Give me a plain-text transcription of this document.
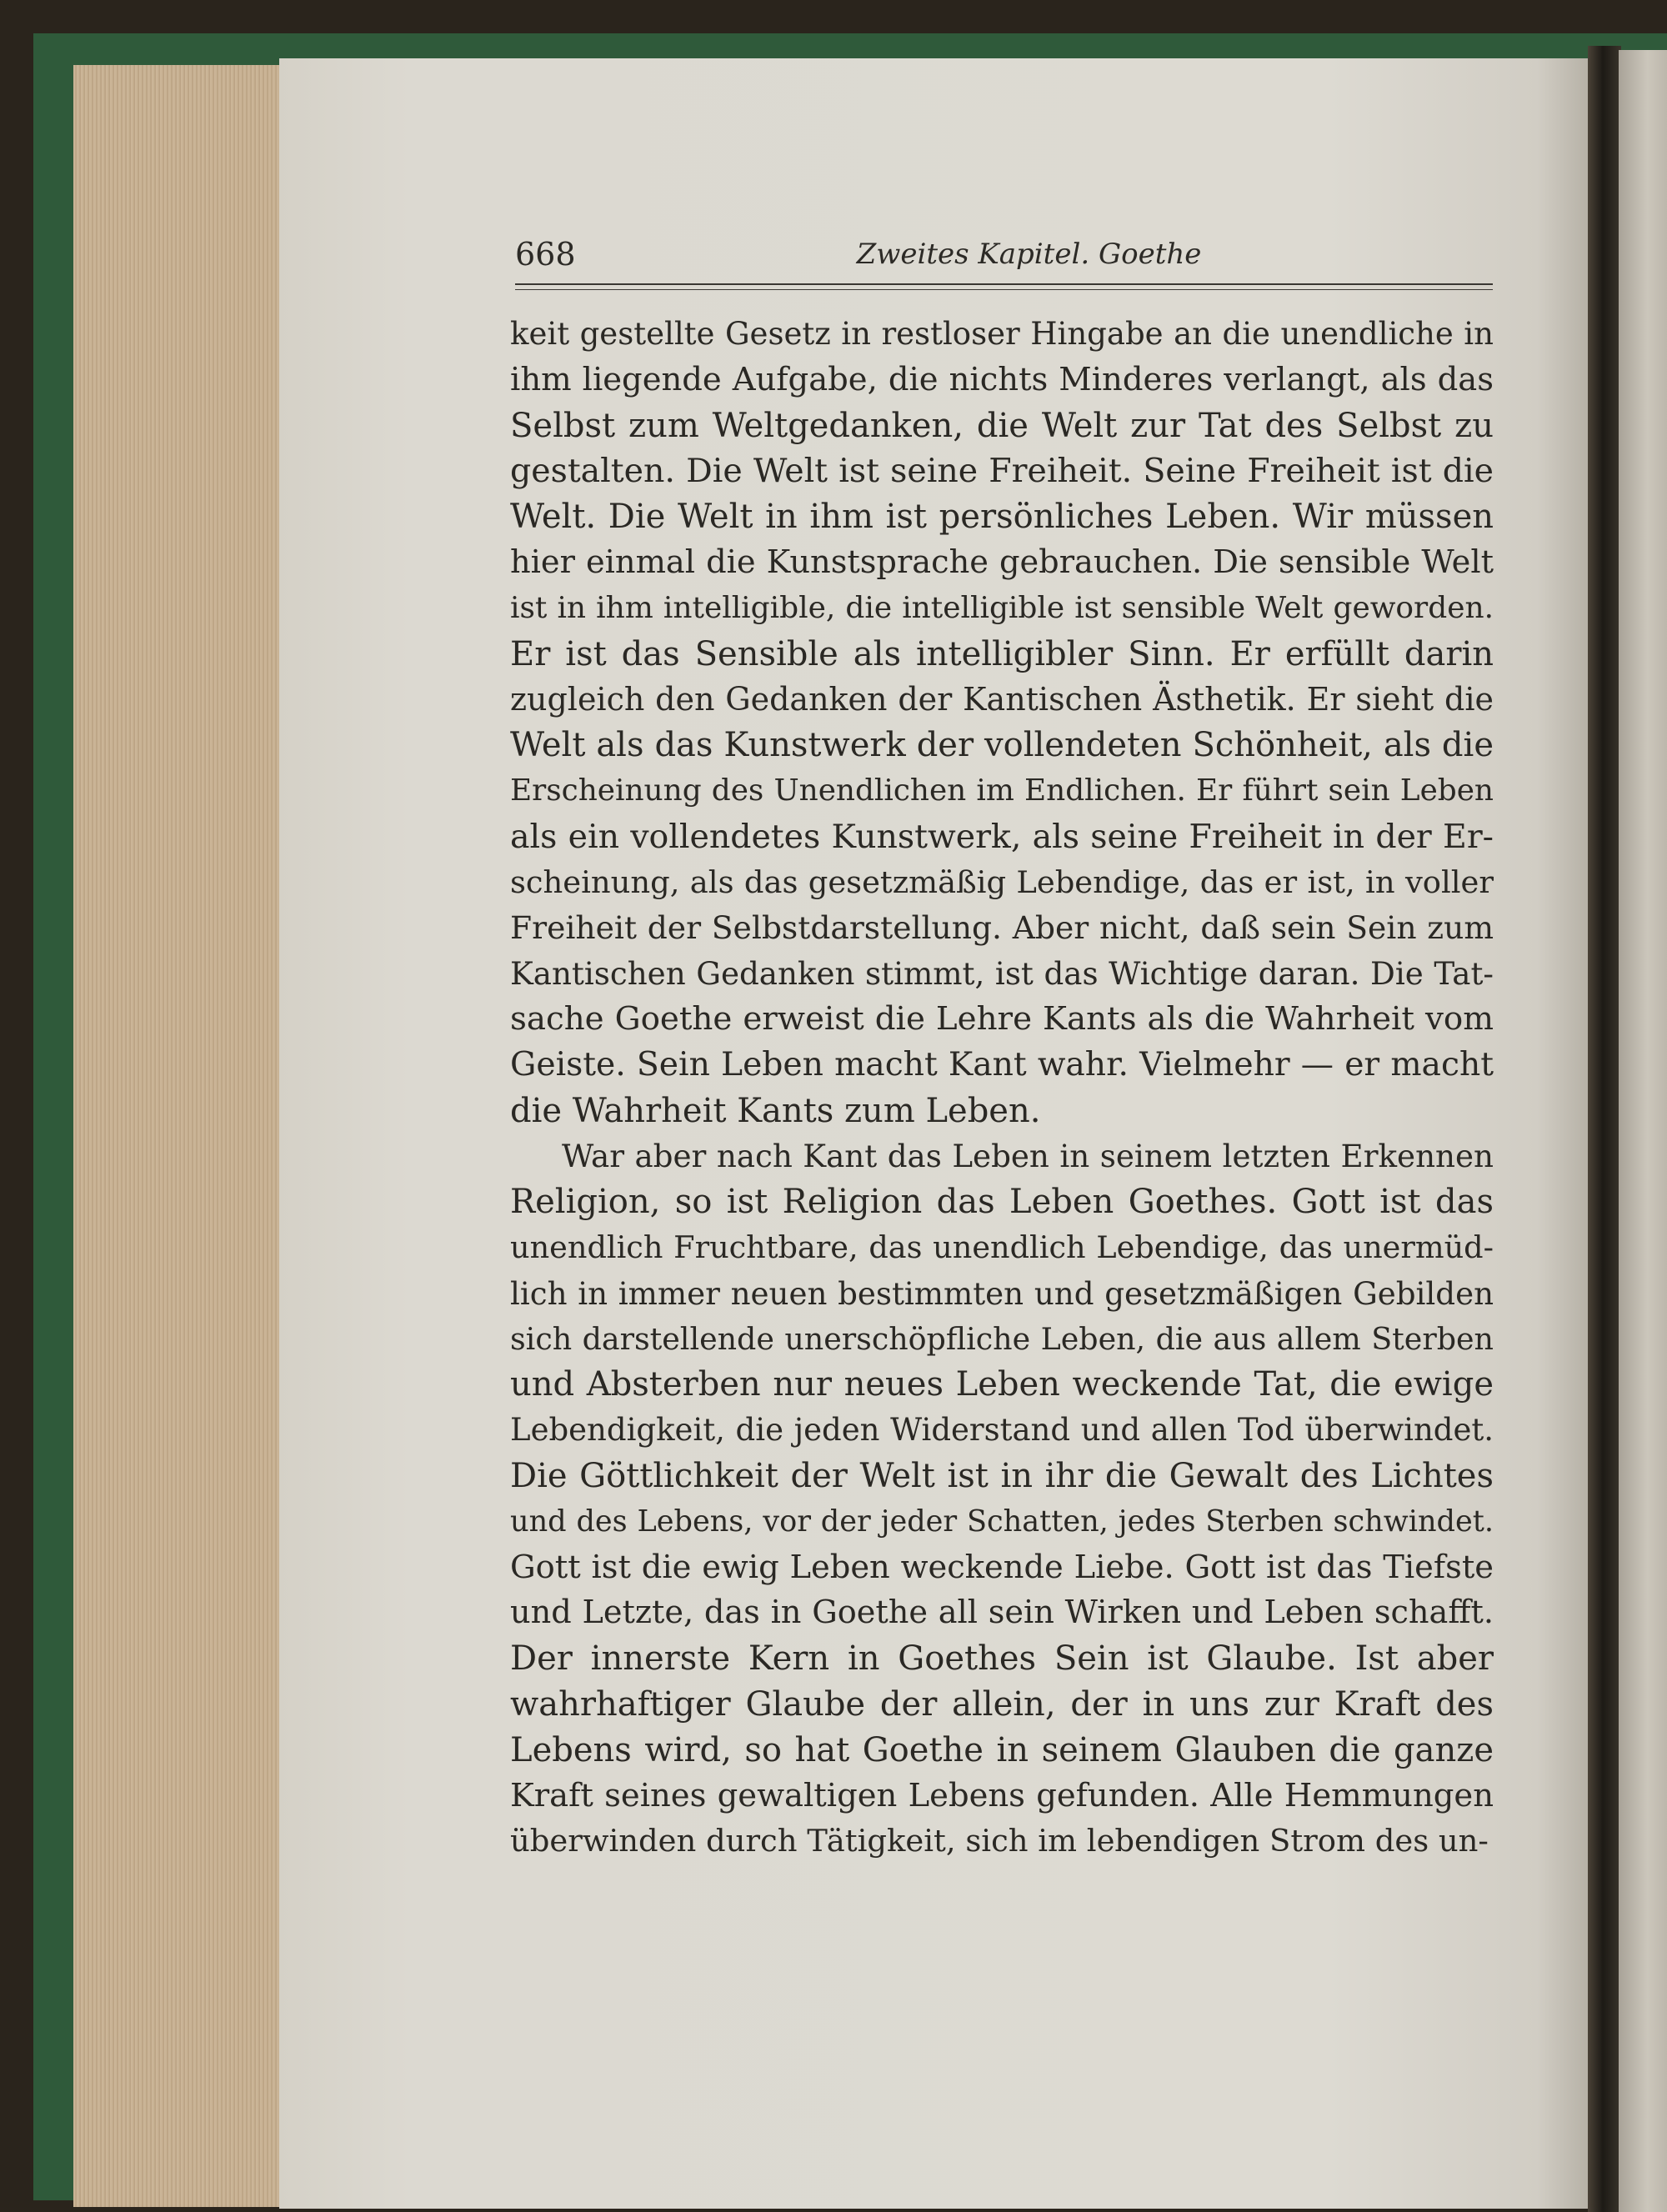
668	Zweites Kapitel. Goethe
keit gestellte Gesetz in restloser Hingabe an die unendliche in
ihm liegende Aufgabe, die nichts Minderes verlangt, als das
Selbst zum Weltgedanken, die Welt zur Tat des Selbst zu
gestalten. Die Welt ist seine Freiheit. Seine Freiheit ist die
Welt. Die Welt in ihm ist persönliches Leben. Wir müssen
hier einmal die Kunstsprache gebrauchen. Die sensible Welt
ist in ihm intelligible, die intelligible ist sensible Welt geworden.
Er ist das Sensible als intelligibler Sinn. Er erfüllt darin
zugleich den Gedanken der Kantischen Ästhetik. Er sieht die
Welt als das Kunstwerk der vollendeten Schönheit, als die
Erscheinung des Unendlichen im Endlichen. Er führt sein Leben
als ein vollendetes Kunstwerk, als seine Freiheit in der Er-
scheinung, als das gesetzmäßig Lebendige, das er ist, in voller
Freiheit der Selbstdarstellung. Aber nicht, daß sein Sein zum
Kantischen Gedanken stimmt, ist das Wichtige daran. Die Tat-
sache Goethe erweist die Lehre Kants als die Wahrheit vom
Geiste. Sein Leben macht Kant wahr. Vielmehr — er macht
die Wahrheit Kants zum Leben.
War aber nach Kant das Leben in seinem letzten Erkennen
Religion, so ist Religion das Leben Goethes. Gott ist das
unendlich Fruchtbare, das unendlich Lebendige, das unermüd-
lich in immer neuen bestimmten und gesetzmäßigen Gebilden
sich darstellende unerschöpfliche Leben, die aus allem Sterben
und Absterben nur neues Leben weckende Tat, die ewige
Lebendigkeit, die jeden Widerstand und allen Tod überwindet.
Die Göttlichkeit der Welt ist in ihr die Gewalt des Lichtes
und des Lebens, vor der jeder Schatten, jedes Sterben schwindet.
Gott ist die ewig Leben weckende Liebe. Gott ist das Tiefste
und Letzte, das in Goethe all sein Wirken und Leben schafft.
Der innerste Kern in Goethes Sein ist Glaube. Ist aber
wahrhaftiger Glaube der allein, der in uns zur Kraft des
Lebens wird, so hat Goethe in seinem Glauben die ganze
Kraft seines gewaltigen Lebens gefunden. Alle Hemmungen
überwinden durch Tätigkeit, sich im lebendigen Strom des un-
